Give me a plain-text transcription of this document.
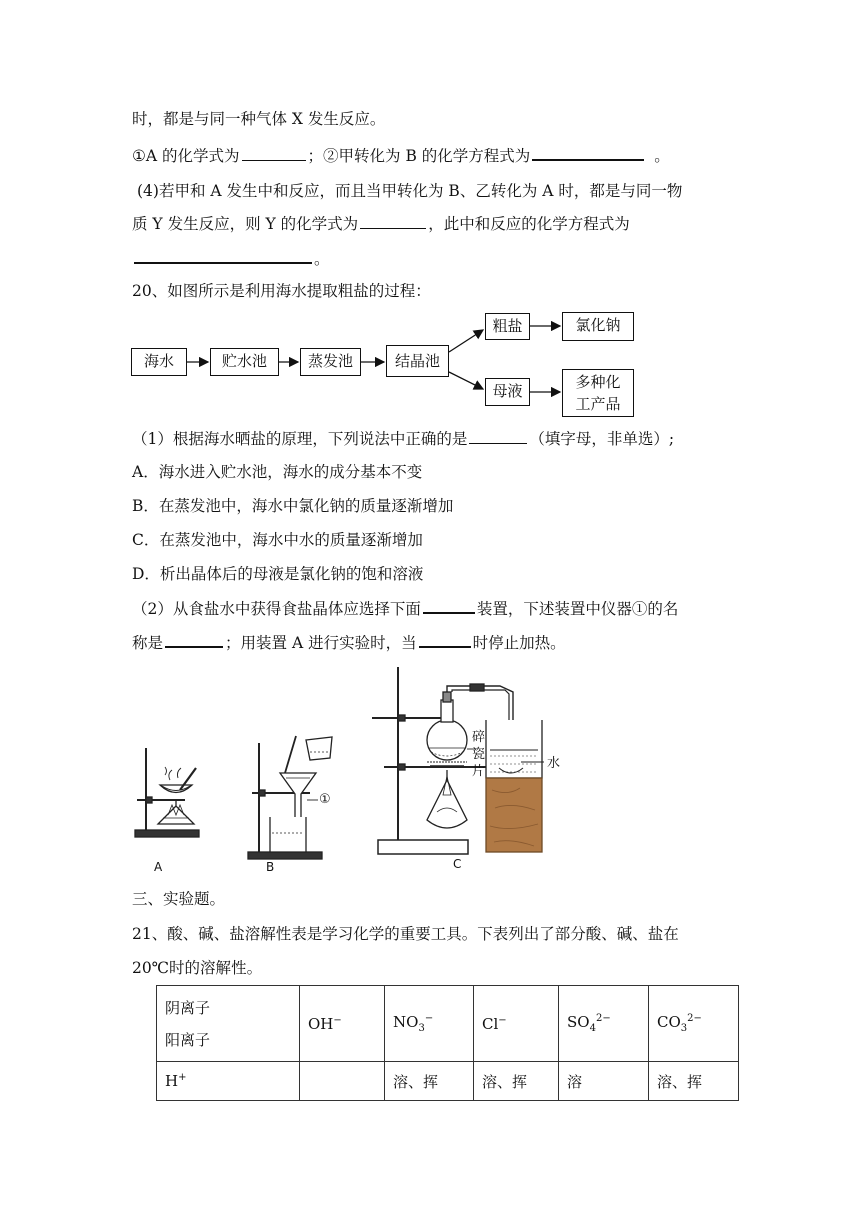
时，都是与同一种气体 X 发生反应。
①A 的化学式为	；②甲转化为 B 的化学方程式为	。
(4)若甲和 A 发生中和反应，而且当甲转化为 B、乙转化为 A 时，都是与同一物
质 Y 发生反应，则 Y 的化学式为	，此中和反应的化学方程式为
。
20、如图所示是利用海水提取粗盐的过程：
海水	贮水池	蒸发池	结晶池
粗盐	氯化钠
母液	多种化
工产品
（1）根据海水晒盐的原理，下列说法中正确的是	（填字母，非单选）;
A．海水进入贮水池，海水的成分基本不变
B．在蒸发池中，海水中氯化钠的质量逐渐增加
C．在蒸发池中，海水中水的质量逐渐增加
D．析出晶体后的母液是氯化钠的饱和溶液
（2）从食盐水中获得食盐晶体应选择下面	装置，下述装置中仪器①的名
称是	；用装置 A 进行实验时，当	时停止加热。
A	B	C
①
碎
瓷
片
水
三、实验题。
21、酸、碱、盐溶解性表是学习化学的重要工具。下表列出了部分酸、碱、盐在
20℃时的溶解性。
阴离子
阳离子	OH−	$NO_3^-$	Cl−	$SO_4^{2-}$	$CO_3^{2-}$
H+		溶、挥	溶、挥	溶	溶、挥
